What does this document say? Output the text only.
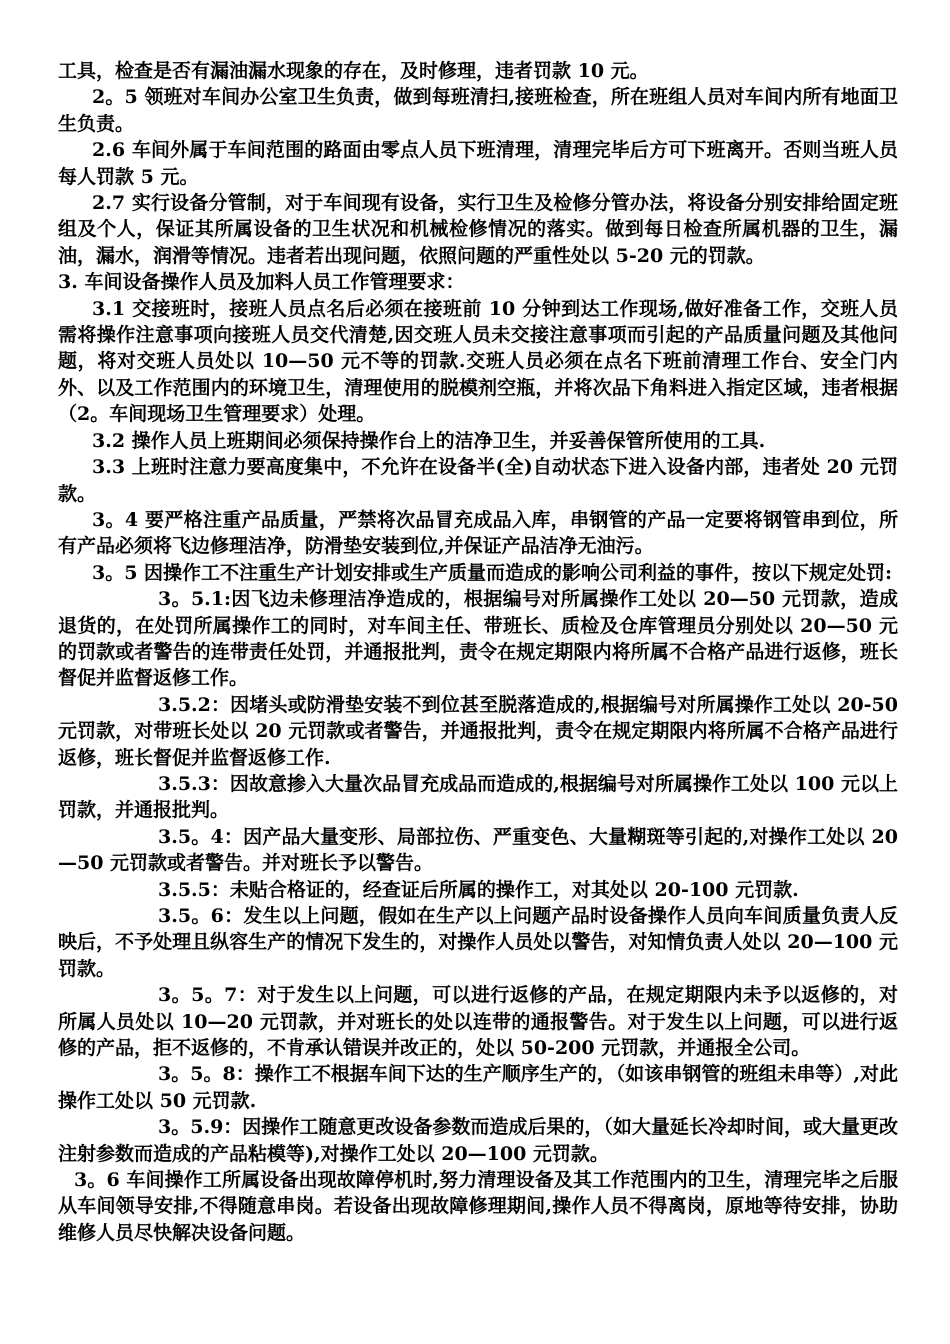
工具，检查是否有漏油漏水现象的存在，及时修理，违者罚款 10 元。

2。5 领班对车间办公室卫生负责，做到每班清扫,接班检查，所在班组人员对车间内所有地面卫生负责。

2.6 车间外属于车间范围的路面由零点人员下班清理，清理完毕后方可下班离开。否则当班人员每人罚款 5 元。

2.7 实行设备分管制，对于车间现有设备，实行卫生及检修分管办法，将设备分别安排给固定班组及个人，保证其所属设备的卫生状况和机械检修情况的落实。做到每日检查所属机器的卫生，漏油，漏水，润滑等情况。违者若出现问题，依照问题的严重性处以 5-20 元的罚款。

3. 车间设备操作人员及加料人员工作管理要求：

3.1 交接班时，接班人员点名后必须在接班前 10 分钟到达工作现场,做好准备工作，交班人员需将操作注意事项向接班人员交代清楚,因交班人员未交接注意事项而引起的产品质量问题及其他问题，将对交班人员处以 10—50 元不等的罚款.交班人员必须在点名下班前清理工作台、安全门内外、以及工作范围内的环境卫生，清理使用的脱模剂空瓶，并将次品下角料进入指定区域，违者根据（2。车间现场卫生管理要求）处理。

3.2 操作人员上班期间必须保持操作台上的洁净卫生，并妥善保管所使用的工具.

3.3 上班时注意力要高度集中，不允许在设备半(全)自动状态下进入设备内部，违者处 20 元罚款。

3。4 要严格注重产品质量，严禁将次品冒充成品入库，串钢管的产品一定要将钢管串到位，所有产品必须将飞边修理洁净，防滑垫安装到位,并保证产品洁净无油污。

3。5 因操作工不注重生产计划安排或生产质量而造成的影响公司利益的事件，按以下规定处罚:

3。5.1:因飞边未修理洁净造成的，根据编号对所属操作工处以 20—50 元罚款，造成退货的，在处罚所属操作工的同时，对车间主任、带班长、质检及仓库管理员分别处以 20—50 元的罚款或者警告的连带责任处罚，并通报批判，责令在规定期限内将所属不合格产品进行返修，班长督促并监督返修工作。

3.5.2：因堵头或防滑垫安装不到位甚至脱落造成的,根据编号对所属操作工处以 20-50 元罚款，对带班长处以 20 元罚款或者警告，并通报批判，责令在规定期限内将所属不合格产品进行返修，班长督促并监督返修工作.

3.5.3：因故意掺入大量次品冒充成品而造成的,根据编号对所属操作工处以 100 元以上罚款，并通报批判。

3.5。4：因产品大量变形、局部拉伤、严重变色、大量糊斑等引起的,对操作工处以 20—50 元罚款或者警告。并对班长予以警告。

3.5.5：未贴合格证的，经查证后所属的操作工，对其处以 20-100 元罚款.

3.5。6：发生以上问题，假如在生产以上问题产品时设备操作人员向车间质量负责人反映后，不予处理且纵容生产的情况下发生的，对操作人员处以警告，对知情负责人处以 20—100 元罚款。

3。5。7：对于发生以上问题，可以进行返修的产品，在规定期限内未予以返修的，对所属人员处以 10—20 元罚款，并对班长的处以连带的通报警告。对于发生以上问题，可以进行返修的产品，拒不返修的，不肯承认错误并改正的，处以 50-200 元罚款，并通报全公司。

3。5。8：操作工不根据车间下达的生产顺序生产的，（如该串钢管的班组未串等）,对此操作工处以 50 元罚款.

3。5.9：因操作工随意更改设备参数而造成后果的，（如大量延长冷却时间，或大量更改注射参数而造成的产品粘模等),对操作工处以 20—100 元罚款。

3。6 车间操作工所属设备出现故障停机时,努力清理设备及其工作范围内的卫生，清理完毕之后服从车间领导安排,不得随意串岗。若设备出现故障修理期间,操作人员不得离岗，原地等待安排，协助维修人员尽快解决设备问题。
